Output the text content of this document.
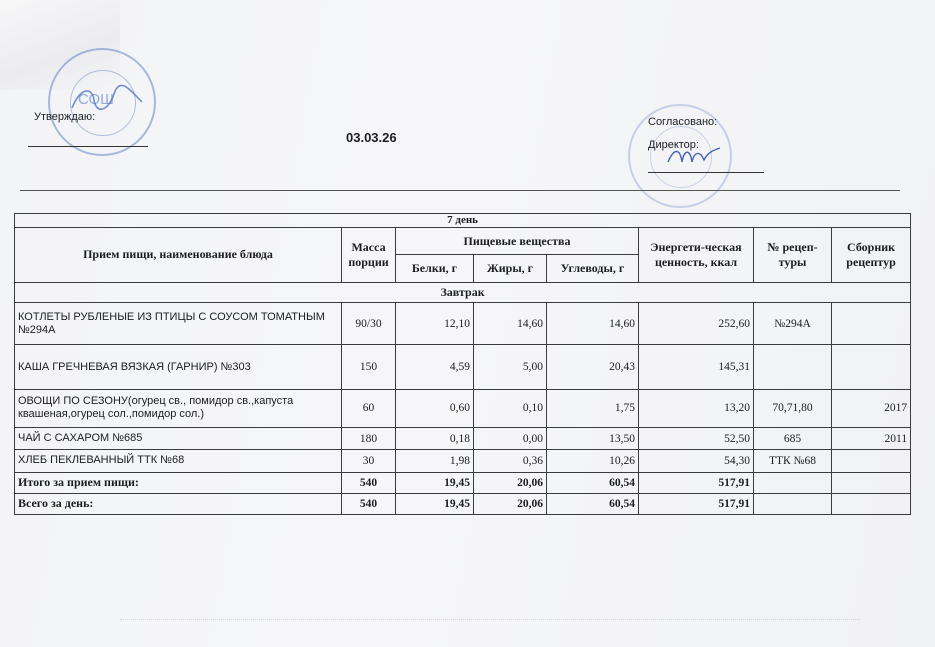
СОШ
Утверждаю:
03.03.26
Согласовано:
Директор:
7 день							
Прием пищи, наименование блюда	Масса порции	Пищевые вещества			Энергети-ческая ценность, ккал	№ рецеп-туры	Сборник рецептур
		Белки, г	Жиры, г	Углеводы, г			
Завтрак							
КОТЛЕТЫ РУБЛЕНЫЕ ИЗ ПТИЦЫ С СОУСОМ ТОМАТНЫМ №294А	90/30	12,10	14,60	14,60	252,60	№294А	
КАША ГРЕЧНЕВАЯ ВЯЗКАЯ (ГАРНИР) №303	150	4,59	5,00	20,43	145,31		
ОВОЩИ ПО СЕЗОНУ(огурец св., помидор св.,капуста квашеная,огурец сол.,помидор сол.)	60	0,60	0,10	1,75	13,20	70,71,80	2017
ЧАЙ С САХАРОМ №685	180	0,18	0,00	13,50	52,50	685	2011
ХЛЕБ ПЕКЛЕВАННЫЙ ТТК №68	30	1,98	0,36	10,26	54,30	ТТК №68	
Итого за прием пищи:	540	19,45	20,06	60,54	517,91		
Всего за день:	540	19,45	20,06	60,54	517,91		
